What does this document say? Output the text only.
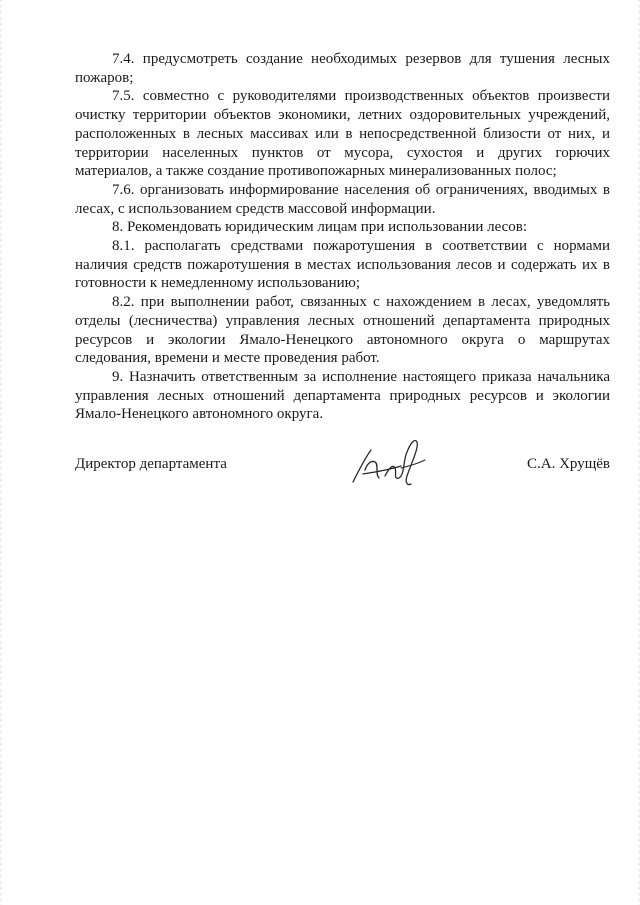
7.4. предусмотреть создание необходимых резервов для тушения лесных пожаров;

7.5. совместно с руководителями производственных объектов произвести очистку территории объектов экономики, летних оздоровительных учреждений, расположенных в лесных массивах или в непосредственной близости от них, и территории населенных пунктов от мусора, сухостоя и других горючих материалов, а также создание противопожарных минерализованных полос;

7.6. организовать информирование населения об ограничениях, вводимых в лесах, с использованием средств массовой информации.

8. Рекомендовать юридическим лицам при использовании лесов:

8.1. располагать средствами пожаротушения в соответствии с нормами наличия средств пожаротушения в местах использования лесов и содержать их в готовности к немедленному использованию;

8.2. при выполнении работ, связанных с нахождением в лесах, уведомлять отделы (лесничества) управления лесных отношений департамента природных ресурсов и экологии Ямало-Ненецкого автономного округа о маршрутах следования, времени и месте проведения работ.

9. Назначить ответственным за исполнение настоящего приказа начальника управления лесных отношений департамента природных ресурсов и экологии Ямало-Ненецкого автономного округа.

Директор департамента	С.А. Хрущёв
